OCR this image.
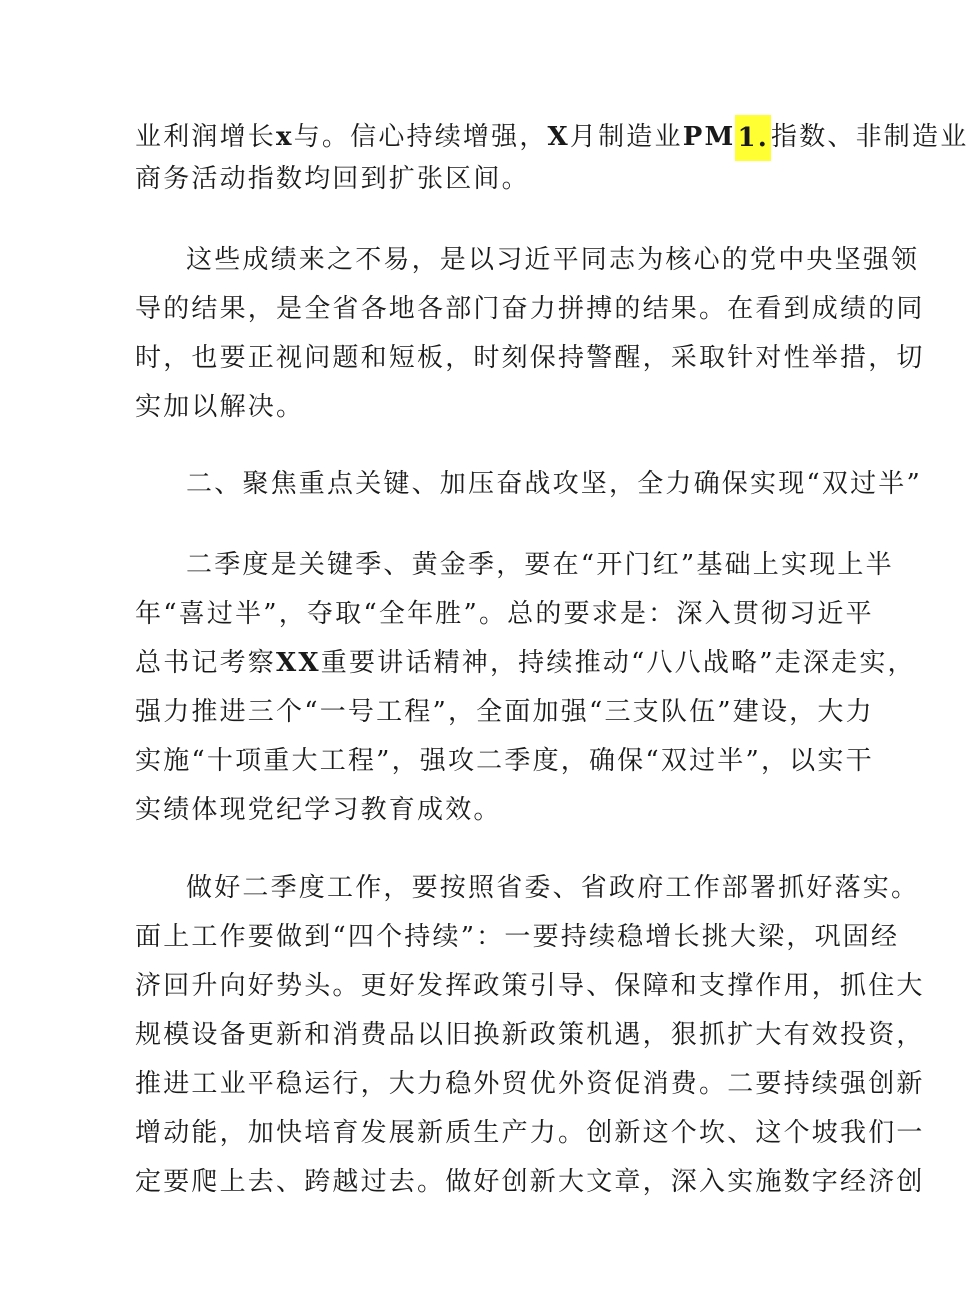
业利润增长x与。信心持续增强，X月制造业PM1.指数、非制造业
商务活动指数均回到扩张区间。
这些成绩来之不易，是以习近平同志为核心的党中央坚强领
导的结果，是全省各地各部门奋力拼搏的结果。在看到成绩的同
时，也要正视问题和短板，时刻保持警醒，采取针对性举措，切
实加以解决。
二、聚焦重点关键、加压奋战攻坚，全力确保实现“双过半”
二季度是关键季、黄金季，要在“开门红”基础上实现上半
年“喜过半”，夺取“全年胜”。总的要求是：深入贯彻习近平
总书记考察XX重要讲话精神，持续推动“八八战略”走深走实，
强力推进三个“一号工程”，全面加强“三支队伍”建设，大力
实施“十项重大工程”，强攻二季度，确保“双过半”，以实干
实绩体现党纪学习教育成效。
做好二季度工作，要按照省委、省政府工作部署抓好落实。
面上工作要做到“四个持续”：一要持续稳增长挑大梁，巩固经
济回升向好势头。更好发挥政策引导、保障和支撑作用，抓住大
规模设备更新和消费品以旧换新政策机遇，狠抓扩大有效投资，
推进工业平稳运行，大力稳外贸优外资促消费。二要持续强创新
增动能，加快培育发展新质生产力。创新这个坎、这个坡我们一
定要爬上去、跨越过去。做好创新大文章，深入实施数字经济创
